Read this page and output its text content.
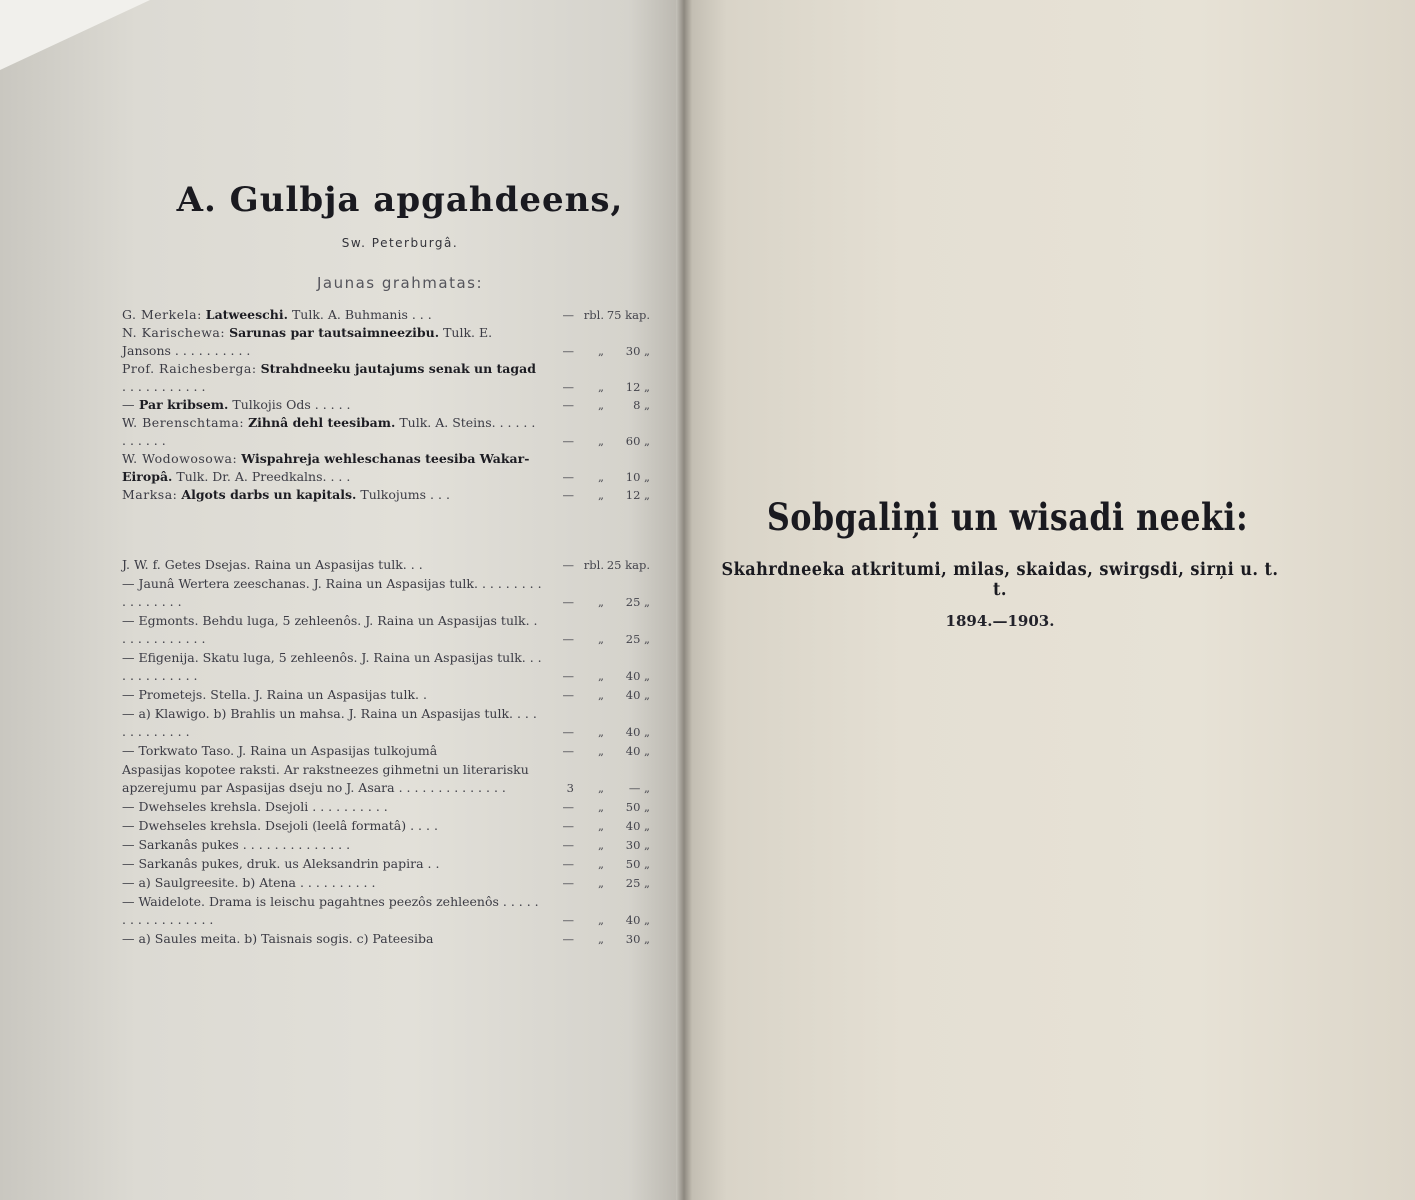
A. Gulbja apgahdeens,
Sw. Peterburgâ.
Jaunas grahmatas:
G. Merkela: Latweeschi. Tulk. A. Buhmanis . . .	— rbl. 75 kap.
N. Karischewa: Sarunas par tautsaimneezibu. Tulk. E. Jansons . . . . . . . . . .	—	„	30 „
Prof. Raichesberga: Strahdneeku jautajums senak un tagad . . . . . . . . . . .	—	„	12 „
— Par kribsem. Tulkojis Ods . . . . .	—	„	8 „
W. Berenschtama: Zihnâ dehl teesibam. Tulk. A. Steins. . . . . . . . . . . .	—	„	60 „
W. Wodowosowa: Wispahreja wehleschanas teesiba Wakar-Eiropâ. Tulk. Dr. A. Preedkalns. . . .	—	„	10 „
Marksa: Algots darbs un kapitals. Tulkojums . . .	—	„	12 „
J. W. f. Getes Dsejas. Raina un Aspasijas tulk. . .	— rbl. 25 kap.
— Jaunâ Wertera zeeschanas. J. Raina un Aspasijas tulk. . . . . . . . . . . . . . . . .	—	„	25 „
— Egmonts. Behdu luga, 5 zehleenôs. J. Raina un Aspasijas tulk. . . . . . . . . . . . .	—	„	25 „
— Efigenija. Skatu luga, 5 zehleenôs. J. Raina un Aspasijas tulk. . . . . . . . . . . . .	—	„	40 „
— Prometejs. Stella. J. Raina un Aspasijas tulk. .	—	„	40 „
— a) Klawigo. b) Brahlis un mahsa. J. Raina un Aspasijas tulk. . . . . . . . . . . . .	—	„	40 „
— Torkwato Taso. J. Raina un Aspasijas tulkojumâ	—	„	40 „
Aspasijas kopotee raksti. Ar rakstneezes gihmetni un literarisku apzerejumu par Aspasijas dseju no J. Asara . . . . . . . . . . . . . .	3	„	— „
— Dwehseles krehsla. Dsejoli . . . . . . . . . .	—	„	50 „
— Dwehseles krehsla. Dsejoli (leelâ formatâ) . . . .	—	„	40 „
— Sarkanâs pukes . . . . . . . . . . . . . .	—	„	30 „
— Sarkanâs pukes, druk. us Aleksandrin papira . .	—	„	50 „
— a) Saulgreesite. b) Atena . . . . . . . . . .	—	„	25 „
— Waidelote. Drama is leischu pagahtnes peezôs zehleenôs . . . . . . . . . . . . . . . . .	—	„	40 „
— a) Saules meita. b) Taisnais sogis. c) Pateesiba	—	„	30 „
Sobgaliņi un wisadi neeki:
Skahrdneeka atkritumi, milas, skaidas, swirgsdi, sirņi u. t. t.
1894.—1903.
